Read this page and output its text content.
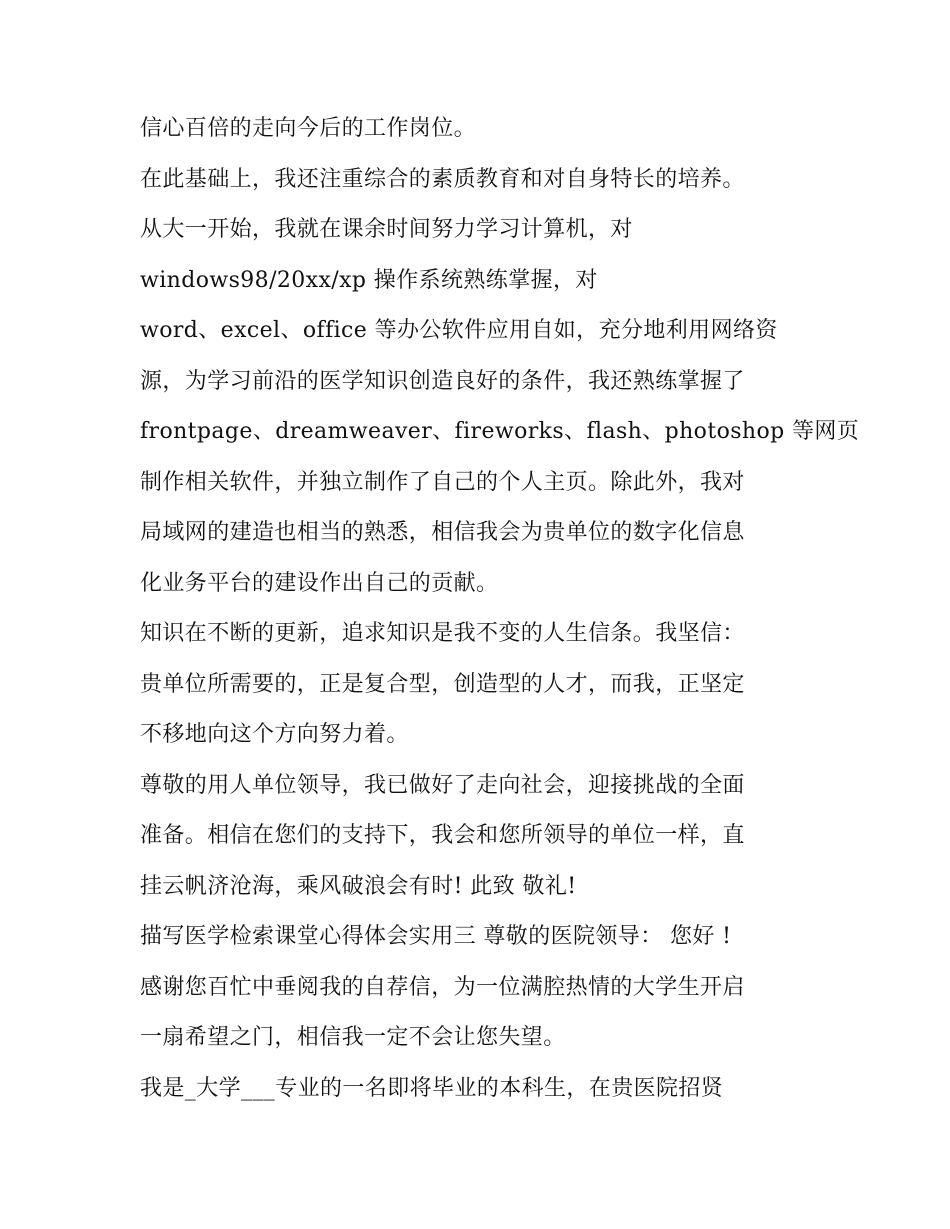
信心百倍的走向今后的工作岗位。
在此基础上，我还注重综合的素质教育和对自身特长的培养。
从大一开始，我就在课余时间努力学习计算机，对
windows98/20xx/xp 操作系统熟练掌握，对
word、excel、office 等办公软件应用自如，充分地利用网络资
源，为学习前沿的医学知识创造良好的条件，我还熟练掌握了
frontpage、dreamweaver、fireworks、flash、photoshop 等网页
制作相关软件，并独立制作了自己的个人主页。除此外，我对
局域网的建造也相当的熟悉，相信我会为贵单位的数字化信息
化业务平台的建设作出自己的贡献。
知识在不断的更新，追求知识是我不变的人生信条。我坚信：
贵单位所需要的，正是复合型，创造型的人才，而我，正坚定
不移地向这个方向努力着。
尊敬的用人单位领导，我已做好了走向社会，迎接挑战的全面
准备。相信在您们的支持下，我会和您所领导的单位一样，直
挂云帆济沧海，乘风破浪会有时! 此致 敬礼!
描写医学检索课堂心得体会实用三 尊敬的医院领导： 您好 !
感谢您百忙中垂阅我的自荐信，为一位满腔热情的大学生开启
一扇希望之门，相信我一定不会让您失望。
我是_大学___专业的一名即将毕业的本科生，在贵医院招贤
